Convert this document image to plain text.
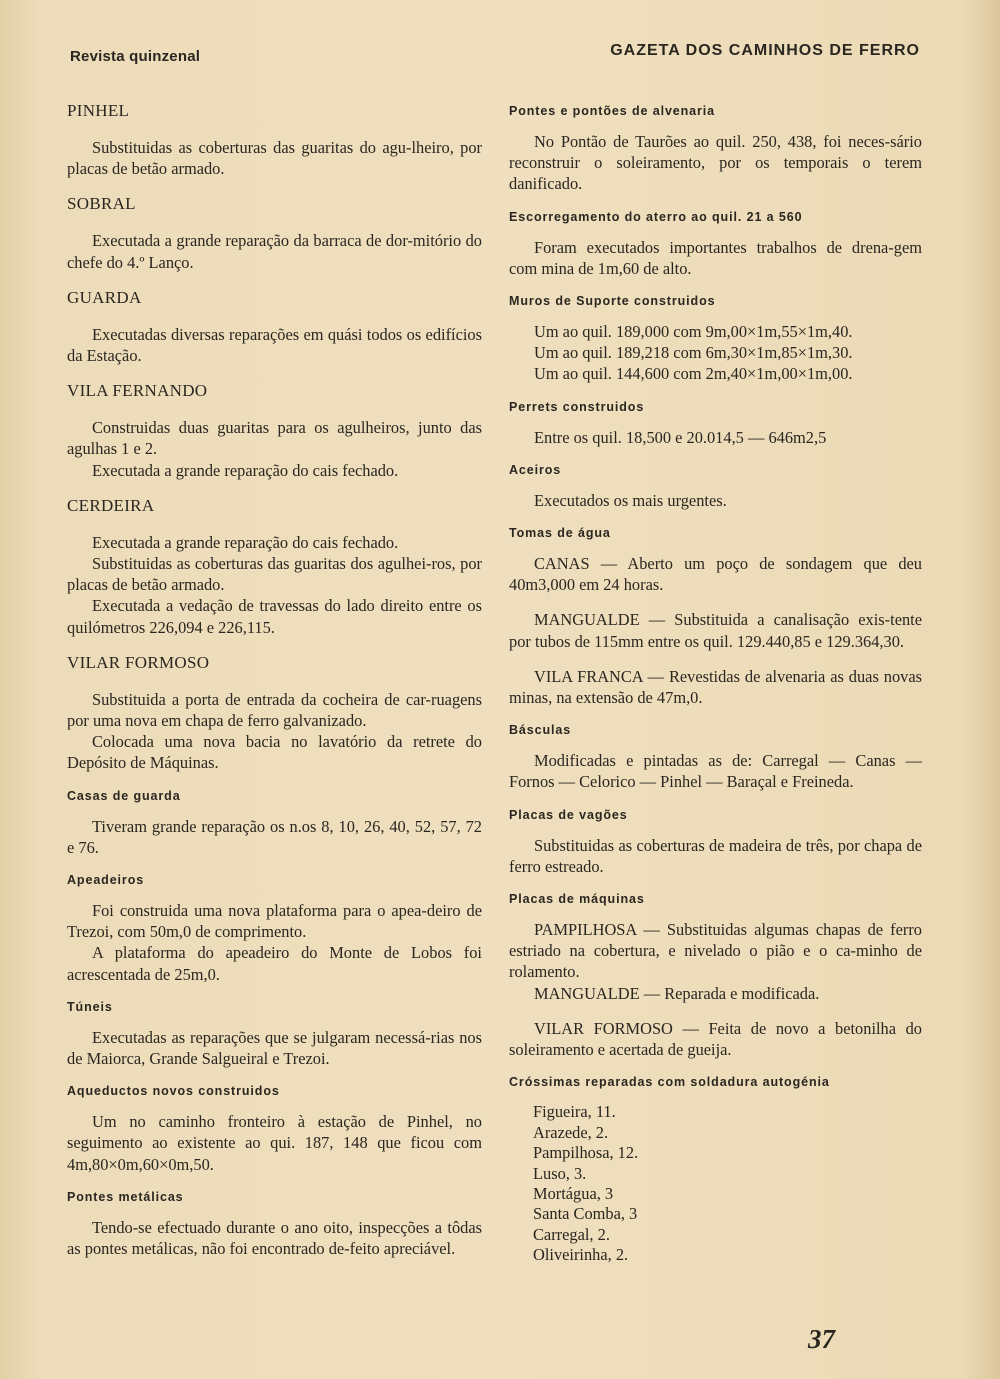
Revista quinzenal	GAZETA DOS CAMINHOS DE FERRO
PINHEL

Substituidas as coberturas das guaritas do agu-lheiro, por placas de betão armado.

SOBRAL

Executada a grande reparação da barraca de dor-mitório do chefe do 4.º Lanço.

GUARDA

Executadas diversas reparações em quási todos os edifícios da Estação.

VILA FERNANDO

Construidas duas guaritas para os agulheiros, junto das agulhas 1 e 2.

Executada a grande reparação do cais fechado.

CERDEIRA

Executada a grande reparação do cais fechado.

Substituidas as coberturas das guaritas dos agulhei-ros, por placas de betão armado.

Executada a vedação de travessas do lado direito entre os quilómetros 226,094 e 226,115.

VILAR FORMOSO

Substituida a porta de entrada da cocheira de car-ruagens por uma nova em chapa de ferro galvanizado.

Colocada uma nova bacia no lavatório da retrete do Depósito de Máquinas.

Casas de guarda

Tiveram grande reparação os n.os 8, 10, 26, 40, 52, 57, 72 e 76.

Apeadeiros

Foi construida uma nova plataforma para o apea-deiro de Trezoi, com 50m,0 de comprimento.

A plataforma do apeadeiro do Monte de Lobos foi acrescentada de 25m,0.

Túneis

Executadas as reparações que se julgaram necessá-rias nos de Maiorca, Grande Salgueiral e Trezoi.

Aqueductos novos construidos

Um no caminho fronteiro à estação de Pinhel, no seguimento ao existente ao qui. 187, 148 que ficou com 4m,80×0m,60×0m,50.

Pontes metálicas

Tendo-se efectuado durante o ano oito, inspecções a tôdas as pontes metálicas, não foi encontrado de-feito apreciável.

Pontes e pontões de alvenaria

No Pontão de Taurões ao quil. 250, 438, foi neces-sário reconstruir o soleiramento, por os temporais o terem danificado.

Escorregamento do aterro ao quil. 21 a 560

Foram executados importantes trabalhos de drena-gem com mina de 1m,60 de alto.

Muros de Suporte construidos
Um ao quil. 189,000 com 9m,00×1m,55×1m,40.
Um ao quil. 189,218 com 6m,30×1m,85×1m,30.
Um ao quil. 144,600 com 2m,40×1m,00×1m,00.
Perrets construidos
Entre os quil. 18,500 e 20.014,5 — 646m2,5
Aceiros

Executados os mais urgentes.

Tomas de água

CANAS — Aberto um poço de sondagem que deu 40m3,000 em 24 horas.

MANGUALDE — Substituida a canalisação exis-tente por tubos de 115mm entre os quil. 129.440,85 e 129.364,30.

VILA FRANCA — Revestidas de alvenaria as duas novas minas, na extensão de 47m,0.

Básculas

Modificadas e pintadas as de: Carregal — Canas — Fornos — Celorico — Pinhel — Baraçal e Freineda.

Placas de vagões

Substituidas as coberturas de madeira de três, por chapa de ferro estreado.

Placas de máquinas

PAMPILHOSA — Substituidas algumas chapas de ferro estriado na cobertura, e nivelado o pião e o ca-minho de rolamento.

MANGUALDE — Reparada e modificada.

VILAR FORMOSO — Feita de novo a betonilha do soleiramento e acertada de gueija.

Cróssimas reparadas com soldadura autogénia
Figueira, 11.
Arazede, 2.
Pampilhosa, 12.
Luso, 3.
Mortágua, 3
Santa Comba, 3
Carregal, 2.
Oliveirinha, 2.
37
